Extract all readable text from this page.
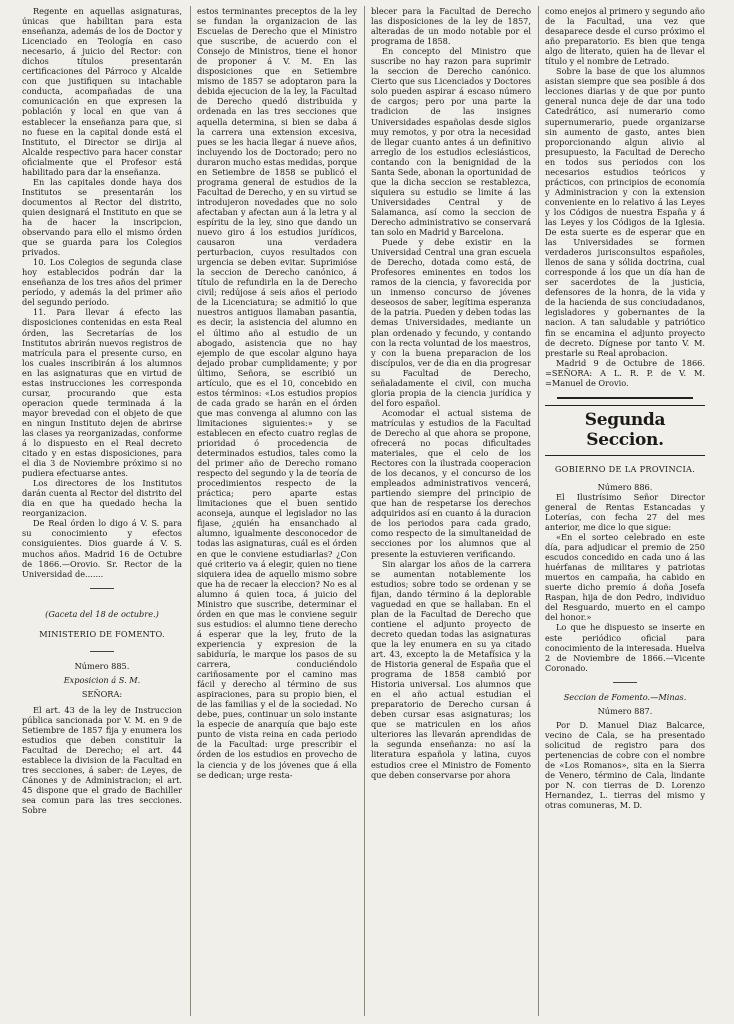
Regente en aquellas asignaturas, únicas que habilitan para esta enseñanza, además de los de Doctor y Licenciado en Teología en caso necesario, á juicio del Rector: con dichos títulos presentarán certificaciones del Párroco y Alcalde con que justifiquen su intachable conducta, acompañadas de una comunicación en que expresen la población y local en que van á establecer la enseñanza para que, si no fuese en la capital donde está el Instituto, el Director se dirija al Alcalde respectivo para hacer constar oficialmente que el Profesor está habilitado para dar la enseñanza.

En las capitales donde haya dos Institutos se presentarán los documentos al Rector del distrito, quien designará el Instituto en que se ha de hacer la inscripcion, observando para ello el mismo órden que se guarda para los Colegios privados.

10. Los Colegios de segunda clase hoy establecidos podrán dar la enseñanza de los tres años del primer período, y además la del primer año del segundo período.

11. Para llevar á efecto las disposiciones contenidas en esta Real órden, las Secretarías de los Institutos abrirán nuevos registros de matrícula para el presente curso, en los cuales inscribirán á los alumnos en las asignaturas que en virtud de estas instrucciones les corresponda cursar, procurando que esta operacion quede terminada á la mayor brevedad con el objeto de que en ningun Instituto dejen de abrirse las clases ya reorganizadas, conforme á lo dispuesto en el Real decreto citado y en estas disposiciones, para el dia 3 de Noviembre próximo si no pudiera efectuarse antes.

Los directores de los Institutos darán cuenta al Rector del distrito del dia en que ha quedado hecha la reorganizacion.

De Real órden lo digo á V. S. para su conocimiento y efectos consiguientes. Dios guarde á V. S. muchos años. Madrid 16 de Octubre de 1866.—Orovio. Sr. Rector de la Universidad de.......

(Gaceta del 18 de octubre.)

MINISTERIO DE FOMENTO.

Número 885.

Exposicion á S. M.

SEÑORA:

El art. 43 de la ley de Instruccion pública sancionada por V. M. en 9 de Setiembre de 1857 fija y enumera los estudios que deben constituir la Facultad de Derecho; el art. 44 establece la division de la Facultad en tres secciones, á saber: de Leyes, de Cánones y de Administracion; el art. 45 dispone que el grado de Bachiller sea comun para las tres secciones. Sobre

estos terminantes preceptos de la ley se fundan la organizacion de las Escuelas de Derecho que el Ministro que suscribe, de acuerdo con el Consejo de Ministros, tiene el honor de proponer á V. M. En las disposiciones que en Setiembre mismo de 1857 se adoptaron para la debida ejecucion de la ley, la Facultad de Derecho quedó distribuida y ordenada en las tres secciones que aquella determina, si bien se daba á la carrera una extension excesiva, pues se les hacia llegar á nueve años, incluyendo los de Doctorado; pero no duraron mucho estas medidas, porque en Setiembre de 1858 se publicó el programa general de estudios de la Facultad de Derecho, y en su virtud se introdujeron novedades que no solo afectaban y afectan aun á la letra y al espíritu de la ley, sino que dando un nuevo giro á los estudios jurídicos, causaron una verdadera perturbacion, cuyos resultados con urgencia se deben evitar. Suprimióse la seccion de Derecho canónico, á título de refundirla en la de Derecho civil; redújose á seis años el periodo de la Licenciatura; se admitió lo que nuestros antiguos llamaban pasantía, es decir, la asistencia del alumno en el último año al estudio de un abogado, asistencia que no hay ejemplo de que escolar alguno haya dejado probar cumplidamente; y por último, Señora, se escribió un artículo, que es el 10, concebido en estos términos: «Los estudios propios de cada grado se harán en el órden que mas convenga al alumno con las limitaciones siguientes:» y se establecen en efecto cuatro reglas de prioridad ó procedencia de determinados estudios, tales como la del primer año de Derecho romano respecto del segundo y la de teoría de procedimientos respecto de la práctica; pero aparte estas limitaciones que el buen sentido aconseja, aunque el legislador no las fijase, ¿quién ha ensanchado al alumno, igualmente desconocedor de todas las asignaturas, cuál es el órden en que le conviene estudiarlas? ¿Con qué criterio va á elegir, quien no tiene siquiera idea de aquello mismo sobre que ha de recaer la eleccion? No es al alumno á quien toca, á juicio del Ministro que suscribe, determinar el órden en que mas le conviene seguir sus estudios: el alumno tiene derecho á esperar que la ley, fruto de la experiencia y expresion de la sabiduría, le marque los pasos de su carrera, conduciéndolo cariñosamente por el camino mas fácil y derecho al término de sus aspiraciones, para su propio bien, el de las familias y el de la sociedad. No debe, pues, continuar un solo instante la especie de anarquía que bajo este punto de vista reina en cada periodo de la Facultad: urge prescribir el órden de los estudios en provecho de la ciencia y de los jóvenes que á ella se dedican; urge resta-

blecer para la Facultad de Derecho las disposiciones de la ley de 1857, alteradas de un modo notable por el programa de 1858.

En concepto del Ministro que suscribe no hay razon para suprimir la seccion de Derecho canónico. Cierto que sus Licenciados y Doctores solo pueden aspirar á escaso número de cargos; pero por una parte la tradicion de las insignes Universidades españolas desde siglos muy remotos, y por otra la necesidad de llegar cuanto antes á un definitivo arreglo de los estudios eclesiásticos, contando con la benignidad de la Santa Sede, abonan la oportunidad de que la dicha seccion se restablezca, siquiera su estudio se limite á las Universidades Central y de Salamanca, así como la seccion de Derecho administrativo se conservará tan solo en Madrid y Barcelona.

Puede y debe existir en la Universidad Central una gran escuela de Derecho, dotada como está, de Profesores eminentes en todos los ramos de la ciencia, y favorecida por un inmenso concurso de jóvenes deseosos de saber, legítima esperanza de la patria. Pueden y deben todas las demas Universidades, mediante un plan ordenado y fecundo, y contando con la recta voluntad de los maestros, y con la buena preparacion de los discípulos, ver de dia en dia progresar su Facultad de Derecho, señaladamente el civil, con mucha gloria propia de la ciencia jurídica y del foro español.

Acomodar el actual sistema de matrículas y estudios de la Facultad de Derecho al que ahora se propone, ofrecerá no pocas dificultades materiales, que el celo de los Rectores con la ilustrada cooperacion de los decanos, y el concurso de los empleados administrativos vencerá, partiendo siempre del principio de que han de respetarse los derechos adquiridos así en cuanto á la duracion de los periodos para cada grado, como respecto de la simultaneidad de secciones por los alumnos que al presente la estuvieren verificando.

Sin alargar los años de la carrera se aumentan notablemente los estudios; sobre todo se ordenan y se fijan, dando término á la deplorable vaguedad en que se hallaban. En el plan de la Facultad de Derecho que contiene el adjunto proyecto de decreto quedan todas las asignaturas que la ley enumera en su ya citado art. 43, excepto la de Metafísica y la de Historia general de España que el programa de 1858 cambió por Historia universal. Los alumnos que en el año actual estudian el preparatorio de Derecho cursan á deben cursar esas asignaturas; los que se matriculen en los años ulteriores las llevarán aprendidas de la segunda enseñanza: no así la literatura española y latina, cuyos estudios cree el Ministro de Fomento que deben conservarse por ahora

como enejos al primero y segundo año de la Facultad, una vez que desaparece desde el curso próximo el año preparatorio. Es bien que tenga algo de literato, quien ha de llevar el título y el nombre de Letrado.

Sobre la base de que los alumnos asistan siempre que sea posible á dos lecciones diarias y de que por punto general nunca deje de dar una todo Catedrático, así numerario como supernumerario, puede organizarse sin aumento de gasto, antes bien proporcionando algun alivio al presupuesto, la Facultad de Derecho en todos sus periodos con los necesarios estudios teóricos y prácticos, con principios de economía y Administracion y con la extension conveniente en lo relativo á las Leyes y los Códigos de nuestra España y á las Leyes y los Códigos de la Iglesia. De esta suerte es de esperar que en las Universidades se formen verdaderos jurisconsultos españoles, llenos de sana y sólida doctrina, cual corresponde á los que un día han de ser sacerdotes de la justicia, defensores de la honra, de la vida y de la hacienda de sus conciudadanos, legisladores y gobernantes de la nacion. A tan saludable y patriótico fin se encamina el adjunto proyecto de decreto. Dígnese por tanto V. M. prestarle su Real aprobacion.

Madrid 9 de Octubre de 1866. =SEÑORA: A L. R. P. de V. M. =Manuel de Orovio.

Segunda Seccion.

GOBIERNO DE LA PROVINCIA.

Número 886.

El Ilustrísimo Señor Director general de Rentas Estancadas y Loterías, con fecha 27 del mes anterior, me dice lo que sigue:

«En el sorteo celebrado en este día, para adjudicar el premio de 250 escudos concedido en cada uno á las huérfanas de militares y patriotas muertos en campaña, ha cabido en suerte dicho premio á doña Josefa Raspan, hija de don Pedro, individuo del Resguardo, muerto en el campo del honor.»

Lo que he dispuesto se inserte en este periódico oficial para conocimiento de la interesada. Huelva 2 de Noviembre de 1866.—Vicente Coronado.

Seccion de Fomento.—Minas.

Número 887.

Por D. Manuel Diaz Balcarce, vecino de Cala, se ha presentado solicitud de registro para dos pertenencias de cobre con el nombre de «Los Romanos», sita en la Sierra de Venero, término de Cala, lindante por N. con tierras de D. Lorenzo Hernandez, L. tierras del mismo y otras comuneras, M. D.
